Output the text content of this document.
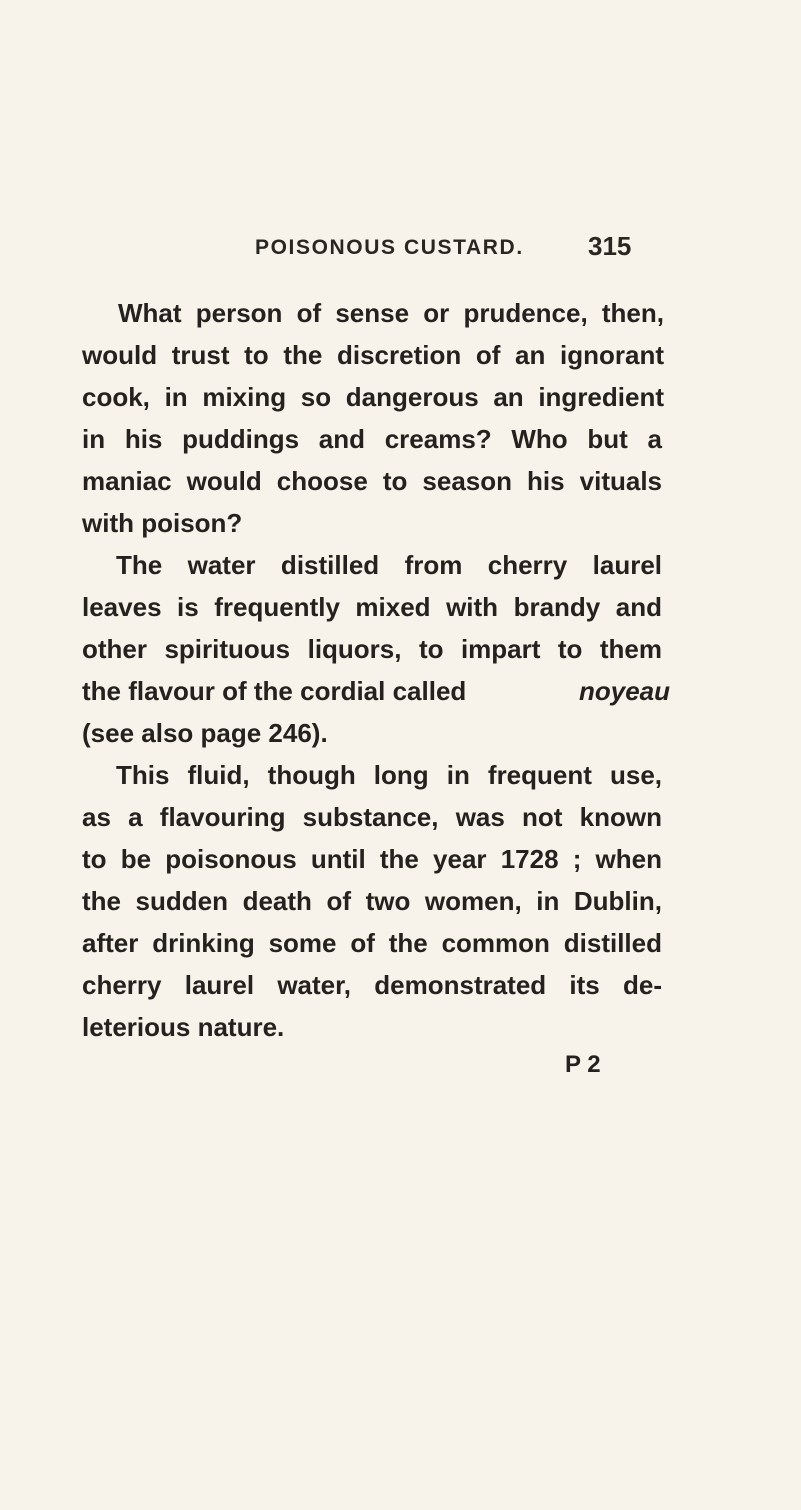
POISONOUS CUSTARD. 315
What person of sense or prudence, then,
would trust to the discretion of an ignorant
cook, in mixing so dangerous an ingredient
in his puddings and creams? Who but a
maniac would choose to season his vituals
with poison?
The water distilled from cherry laurel
leaves is frequently mixed with brandy and
other spirituous liquors, to impart to them
the flavour of the cordial called	noyeau
(see also page 246).
This fluid, though long in frequent use,
as a flavouring substance, was not known
to be poisonous until the year 1728 ; when
the sudden death of two women, in Dublin,
after drinking some of the common distilled
cherry laurel water, demonstrated its de-
leterious nature.
P 2
